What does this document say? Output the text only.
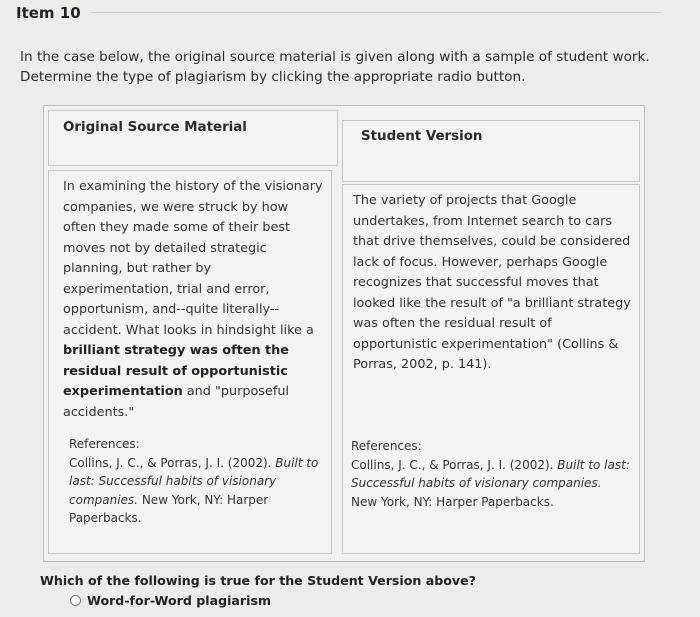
Item 10
In the case below, the original source material is given along with a sample of student work.
Determine the type of plagiarism by clicking the appropriate radio button.
Original Source Material
Student Version
In examining the history of the visionary companies, we were struck by how often they made some of their best moves not by detailed strategic planning, but rather by experimentation, trial and error, opportunism, and--quite literally--accident. What looks in hindsight like a brilliant strategy was often the residual result of opportunistic experimentation and "purposeful accidents."
References:
Collins, J. C., & Porras, J. I. (2002). Built to last: Successful habits of visionary companies. New York, NY: Harper Paperbacks.
The variety of projects that Google undertakes, from Internet search to cars that drive themselves, could be considered lack of focus. However, perhaps Google recognizes that successful moves that looked like the result of "a brilliant strategy was often the residual result of opportunistic experimentation" (Collins & Porras, 2002, p. 141).
References:
Collins, J. C., & Porras, J. I. (2002). Built to last: Successful habits of visionary companies. New York, NY: Harper Paperbacks.
Which of the following is true for the Student Version above?
Word-for-Word plagiarism
